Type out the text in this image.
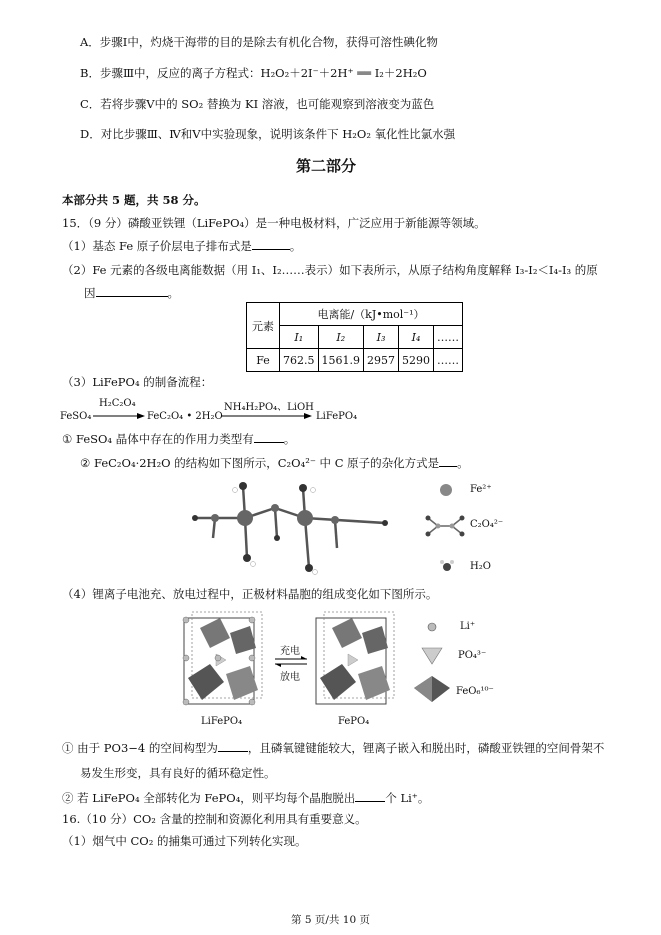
A．步骤Ⅰ中，灼烧干海带的目的是除去有机化合物，获得可溶性碘化物
B．步骤Ⅲ中，反应的离子方程式：H₂O₂＋2I⁻＋2H⁺ ══ I₂＋2H₂O
C．若将步骤Ⅴ中的 SO₂ 替换为 KI 溶液，也可能观察到溶液变为蓝色
D．对比步骤Ⅲ、Ⅳ和Ⅴ中实验现象，说明该条件下 H₂O₂ 氧化性比氯水强
第二部分
本部分共 5 题，共 58 分。
15．（9 分）磷酸亚铁锂（LiFePO₄）是一种电极材料，广泛应用于新能源等领域。
（1）基态 Fe 原子价层电子排布式是	。
（2）Fe 元素的各级电离能数据（用 I₁、I₂……表示）如下表所示，从原子结构角度解释 I₃-I₂＜I₄-I₃ 的原
因	。
元素	电离能/（kJ•mol⁻¹）				
	I₁	I₂	I₃	I₄	……
Fe	762.5	1561.9	2957	5290	……
（3）LiFePO₄ 的制备流程：
H₂C₂O₄
FeSO₄	FeC₂O₄ • 2H₂O
NH₄H₂PO₄、LiOH
LiFePO₄
① FeSO₄ 晶体中存在的作用力类型有	。
② FeC₂O₄·2H₂O 的结构如下图所示，C₂O₄²⁻ 中 C 原子的杂化方式是 。
Fe²⁺
C₂O₄²⁻
H₂O
（4）锂离子电池充、放电过程中，正极材料晶胞的组成变化如下图所示。
LiFePO₄
充电
放电
FePO₄
Li⁺
PO₄³⁻
FeO₆¹⁰⁻
① 由于 PO3−4 的空间构型为	，且磷氧键键能较大，锂离子嵌入和脱出时，磷酸亚铁锂的空间骨架不
易发生形变，具有良好的循环稳定性。
② 若 LiFePO₄ 全部转化为 FePO₄，则平均每个晶胞脱出	个 Li⁺。
16.（10 分）CO₂ 含量的控制和资源化利用具有重要意义。
（1）烟气中 CO₂ 的捕集可通过下列转化实现。
第 5 页/共 10 页
